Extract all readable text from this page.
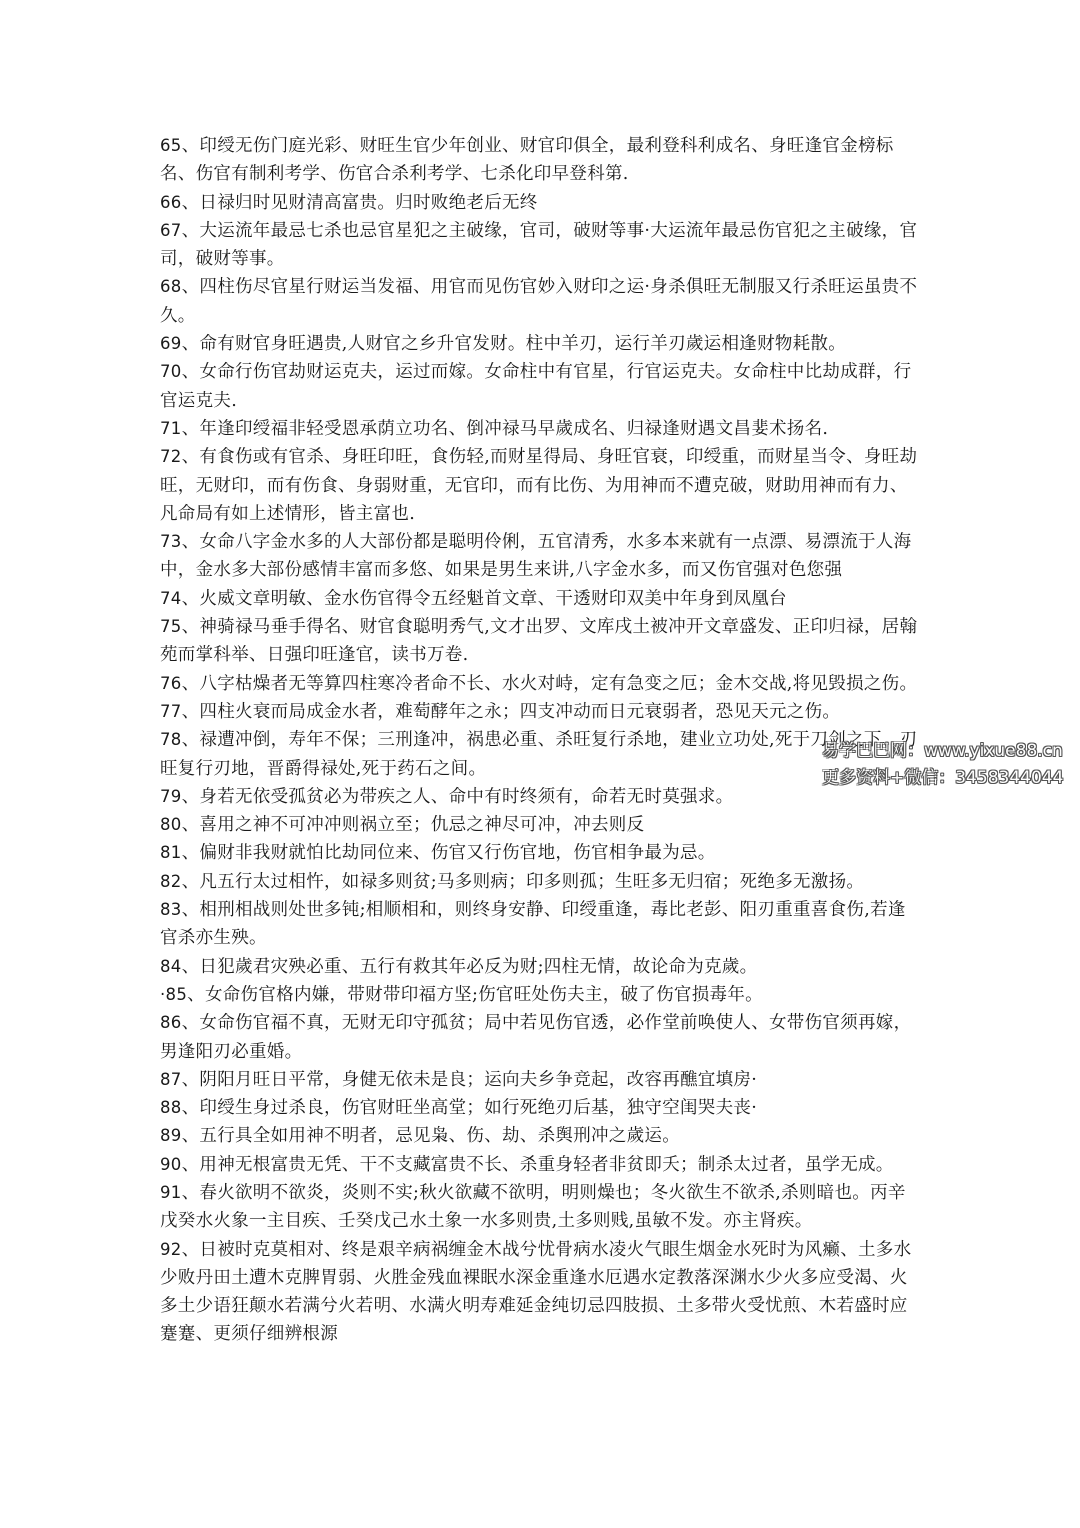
65、印绶无伤门庭光彩、财旺生官少年创业、财官印俱全，最利登科利成名、身旺逢官金榜标名、伤官有制利考学、伤官合杀利考学、七杀化印早登科第.

66、日禄归时见财清高富贵。归时败绝老后无终

67、大运流年最忌七杀也忌官星犯之主破缘，官司，破财等事·大运流年最忌伤官犯之主破缘，官司，破财等事。

68、四柱伤尽官星行财运当发福、用官而见伤官妙入财印之运·身杀俱旺无制服又行杀旺运虽贵不久。

69、命有财官身旺遇贵,人财官之乡升官发财。柱中羊刃，运行羊刃歲运相逢财物耗散。

70、女命行伤官劫财运克夫，运过而嫁。女命柱中有官星，行官运克夫。女命柱中比劫成群，行官运克夫.

71、年逢印绶福非轻受恩承荫立功名、倒冲禄马早歲成名、归禄逢财遇文昌婓术扬名.

72、有食伤或有官杀、身旺印旺，食伤轻,而财星得局、身旺官衰，印绶重，而财星当令、身旺劫旺，无财印，而有伤食、身弱财重，无官印，而有比伤、为用神而不遭克破，财助用神而有力、凡命局有如上述情形，皆主富也.

73、女命八字金水多的人大部份都是聪明伶俐，五官清秀，水多本来就有一点漂、易漂流于人海中，金水多大部份感情丰富而多悠、如果是男生来讲,八字金水多，而又伤官强对色您强

74、火威文章明敏、金水伤官得令五经魁首文章、干透财印双美中年身到凤凰台

75、神骑禄马垂手得名、财官食聪明秀气,文才出罗、文库戌土被冲开文章盛发、正印归禄，居翰苑而掌科举、日强印旺逢官，读书万卷.

76、八字枯燥者无等算四柱寒冷者命不长、水火对峙，定有急变之厄；金木交战,将见毁损之伤。

77、四柱火衰而局成金水者，难萄酵年之永；四支冲动而日元衰弱者，恐见天元之伤。

78、禄遭冲倒，寿年不保；三刑逢冲，祸患必重、杀旺复行杀地，建业立功处,死于刀剑之下、刃旺复行刃地，晋爵得禄处,死于药石之间。

79、身若无依受孤贫必为带疾之人、命中有时终须有，命若无时莫强求。

80、喜用之神不可冲冲则祸立至；仇忌之神尽可冲，冲去则反

81、偏财非我财就怕比劫同位来、伤官又行伤官地，伤官相争最为忌。

82、凡五行太过相忤，如禄多则贫;马多则病；印多则孤；生旺多无归宿；死绝多无激扬。

83、相刑相战则处世多钝;相顺相和，则终身安静、印绶重逢，毒比老彭、阳刃重重喜食伤,若逢官杀亦生殃。

84、日犯歲君灾殃必重、五行有救其年必反为财;四柱无情，故论命为克歲。

·85、女命伤官格内嫌，带财带印福方坚;伤官旺处伤夫主，破了伤官损毒年。

86、女命伤官福不真，无财无印守孤贫；局中若见伤官透，必作堂前唤使人、女带伤官须再嫁，男逢阳刃必重婚。

87、阴阳月旺日平常，身健无依未是良；运向夫乡争竞起，改容再醮宜填房·

88、印绶生身过杀良，伤官财旺坐高堂；如行死绝刃后基，独守空闺哭夫丧·

89、五行具全如用神不明者，忌见枭、伤、劫、杀舆刑冲之歲运。

90、用神无根富贵无凭、干不支藏富贵不长、杀重身轻者非贫即夭；制杀太过者，虽学无成。

91、春火欲明不欲炎，炎则不实;秋火欲藏不欲明，明则燥也；冬火欲生不欲杀,杀则暗也。丙辛戊癸水火象一主目疾、壬癸戊己水土象一水多则贵,土多则贱,虽敏不发。亦主肾疾。

92、日被时克莫相对、终是艰辛病祸缠金木战兮忧骨病水凌火气眼生烟金水死时为风癞、土多水少败丹田土遭木克脾胃弱、火胜金残血裸眠水深金重逢水厄遇水定教落深渊水少火多应受渴、火多土少语狂颠水若满兮火若明、水满火明寿难延金纯切忌四肢损、土多带火受忧煎、木若盛时应蹇蹇、更须仔细辨根源

易学巴巴网：www.yixue88.cn
更多资料+微信：3458344044
